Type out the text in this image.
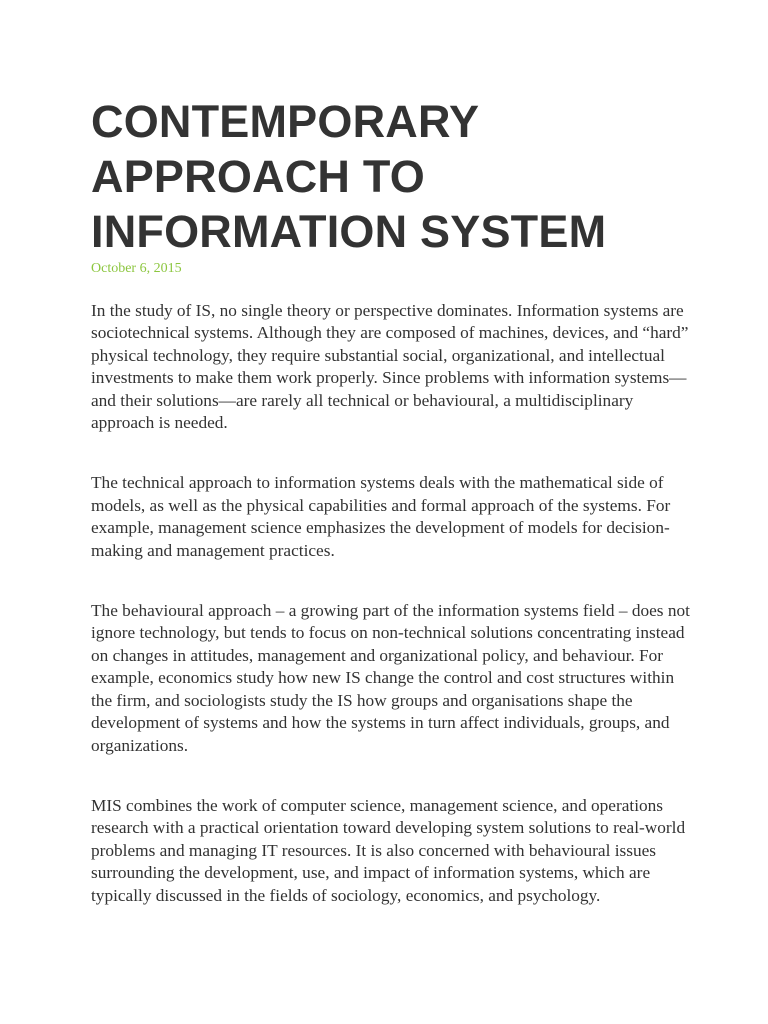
CONTEMPORARY APPROACH TO INFORMATION SYSTEM
October 6, 2015

In the study of IS, no single theory or perspective dominates. Information systems are sociotechnical systems. Although they are composed of machines, devices, and “hard” physical technology, they require substantial social, organizational, and intellectual investments to make them work properly. Since problems with information systems—and their solutions—are rarely all technical or behavioural, a multidisciplinary approach is needed.

The technical approach to information systems deals with the mathematical side of models, as well as the physical capabilities and formal approach of the systems. For example, management science emphasizes the development of models for decision-making and management practices.

The behavioural approach – a growing part of the information systems field – does not ignore technology, but tends to focus on non-technical solutions concentrating instead on changes in attitudes, management and organizational policy, and behaviour. For example, economics study how new IS change the control and cost structures within the firm, and sociologists study the IS how groups and organisations shape the development of systems and how the systems in turn affect individuals, groups, and organizations.

MIS combines the work of computer science, management science, and operations research with a practical orientation toward developing system solutions to real-world problems and managing IT resources. It is also concerned with behavioural issues surrounding the development, use, and impact of information systems, which are typically discussed in the fields of sociology, economics, and psychology.
